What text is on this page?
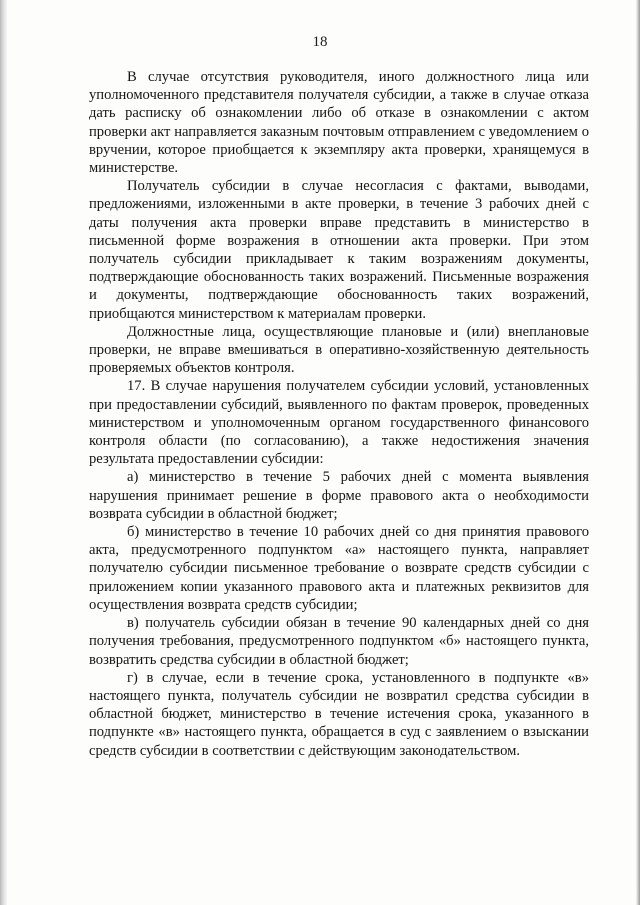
18

В случае отсутствия руководителя, иного должностного лица или уполномоченного представителя получателя субсидии, а также в случае отказа дать расписку об ознакомлении либо об отказе в ознакомлении с актом проверки акт направляется заказным почтовым отправлением с уведомлением о вручении, которое приобщается к экземпляру акта проверки, хранящемуся в министерстве.

Получатель субсидии в случае несогласия с фактами, выводами, предложениями, изложенными в акте проверки, в течение 3 рабочих дней с даты получения акта проверки вправе представить в министерство в письменной форме возражения в отношении акта проверки. При этом получатель субсидии прикладывает к таким возражениям документы, подтверждающие обоснованность таких возражений. Письменные возражения и документы, подтверждающие обоснованность таких возражений, приобщаются министерством к материалам проверки.

Должностные лица, осуществляющие плановые и (или) внеплановые проверки, не вправе вмешиваться в оперативно-хозяйственную деятельность проверяемых объектов контроля.

17. В случае нарушения получателем субсидии условий, установленных при предоставлении субсидий, выявленного по фактам проверок, проведенных министерством и уполномоченным органом государственного финансового контроля области (по согласованию), а также недостижения значения результата предоставлении субсидии:

а) министерство в течение 5 рабочих дней с момента выявления нарушения принимает решение в форме правового акта о необходимости возврата субсидии в областной бюджет;

б) министерство в течение 10 рабочих дней со дня принятия правового акта, предусмотренного подпунктом «а» настоящего пункта, направляет получателю субсидии письменное требование о возврате средств субсидии с приложением копии указанного правового акта и платежных реквизитов для осуществления возврата средств субсидии;

в) получатель субсидии обязан в течение 90 календарных дней со дня получения требования, предусмотренного подпунктом «б» настоящего пункта, возвратить средства субсидии в областной бюджет;

г) в случае, если в течение срока, установленного в подпункте «в» настоящего пункта, получатель субсидии не возвратил средства субсидии в областной бюджет, министерство в течение истечения срока, указанного в подпункте «в» настоящего пункта, обращается в суд с заявлением о взыскании средств субсидии в соответствии с действующим законодательством.
